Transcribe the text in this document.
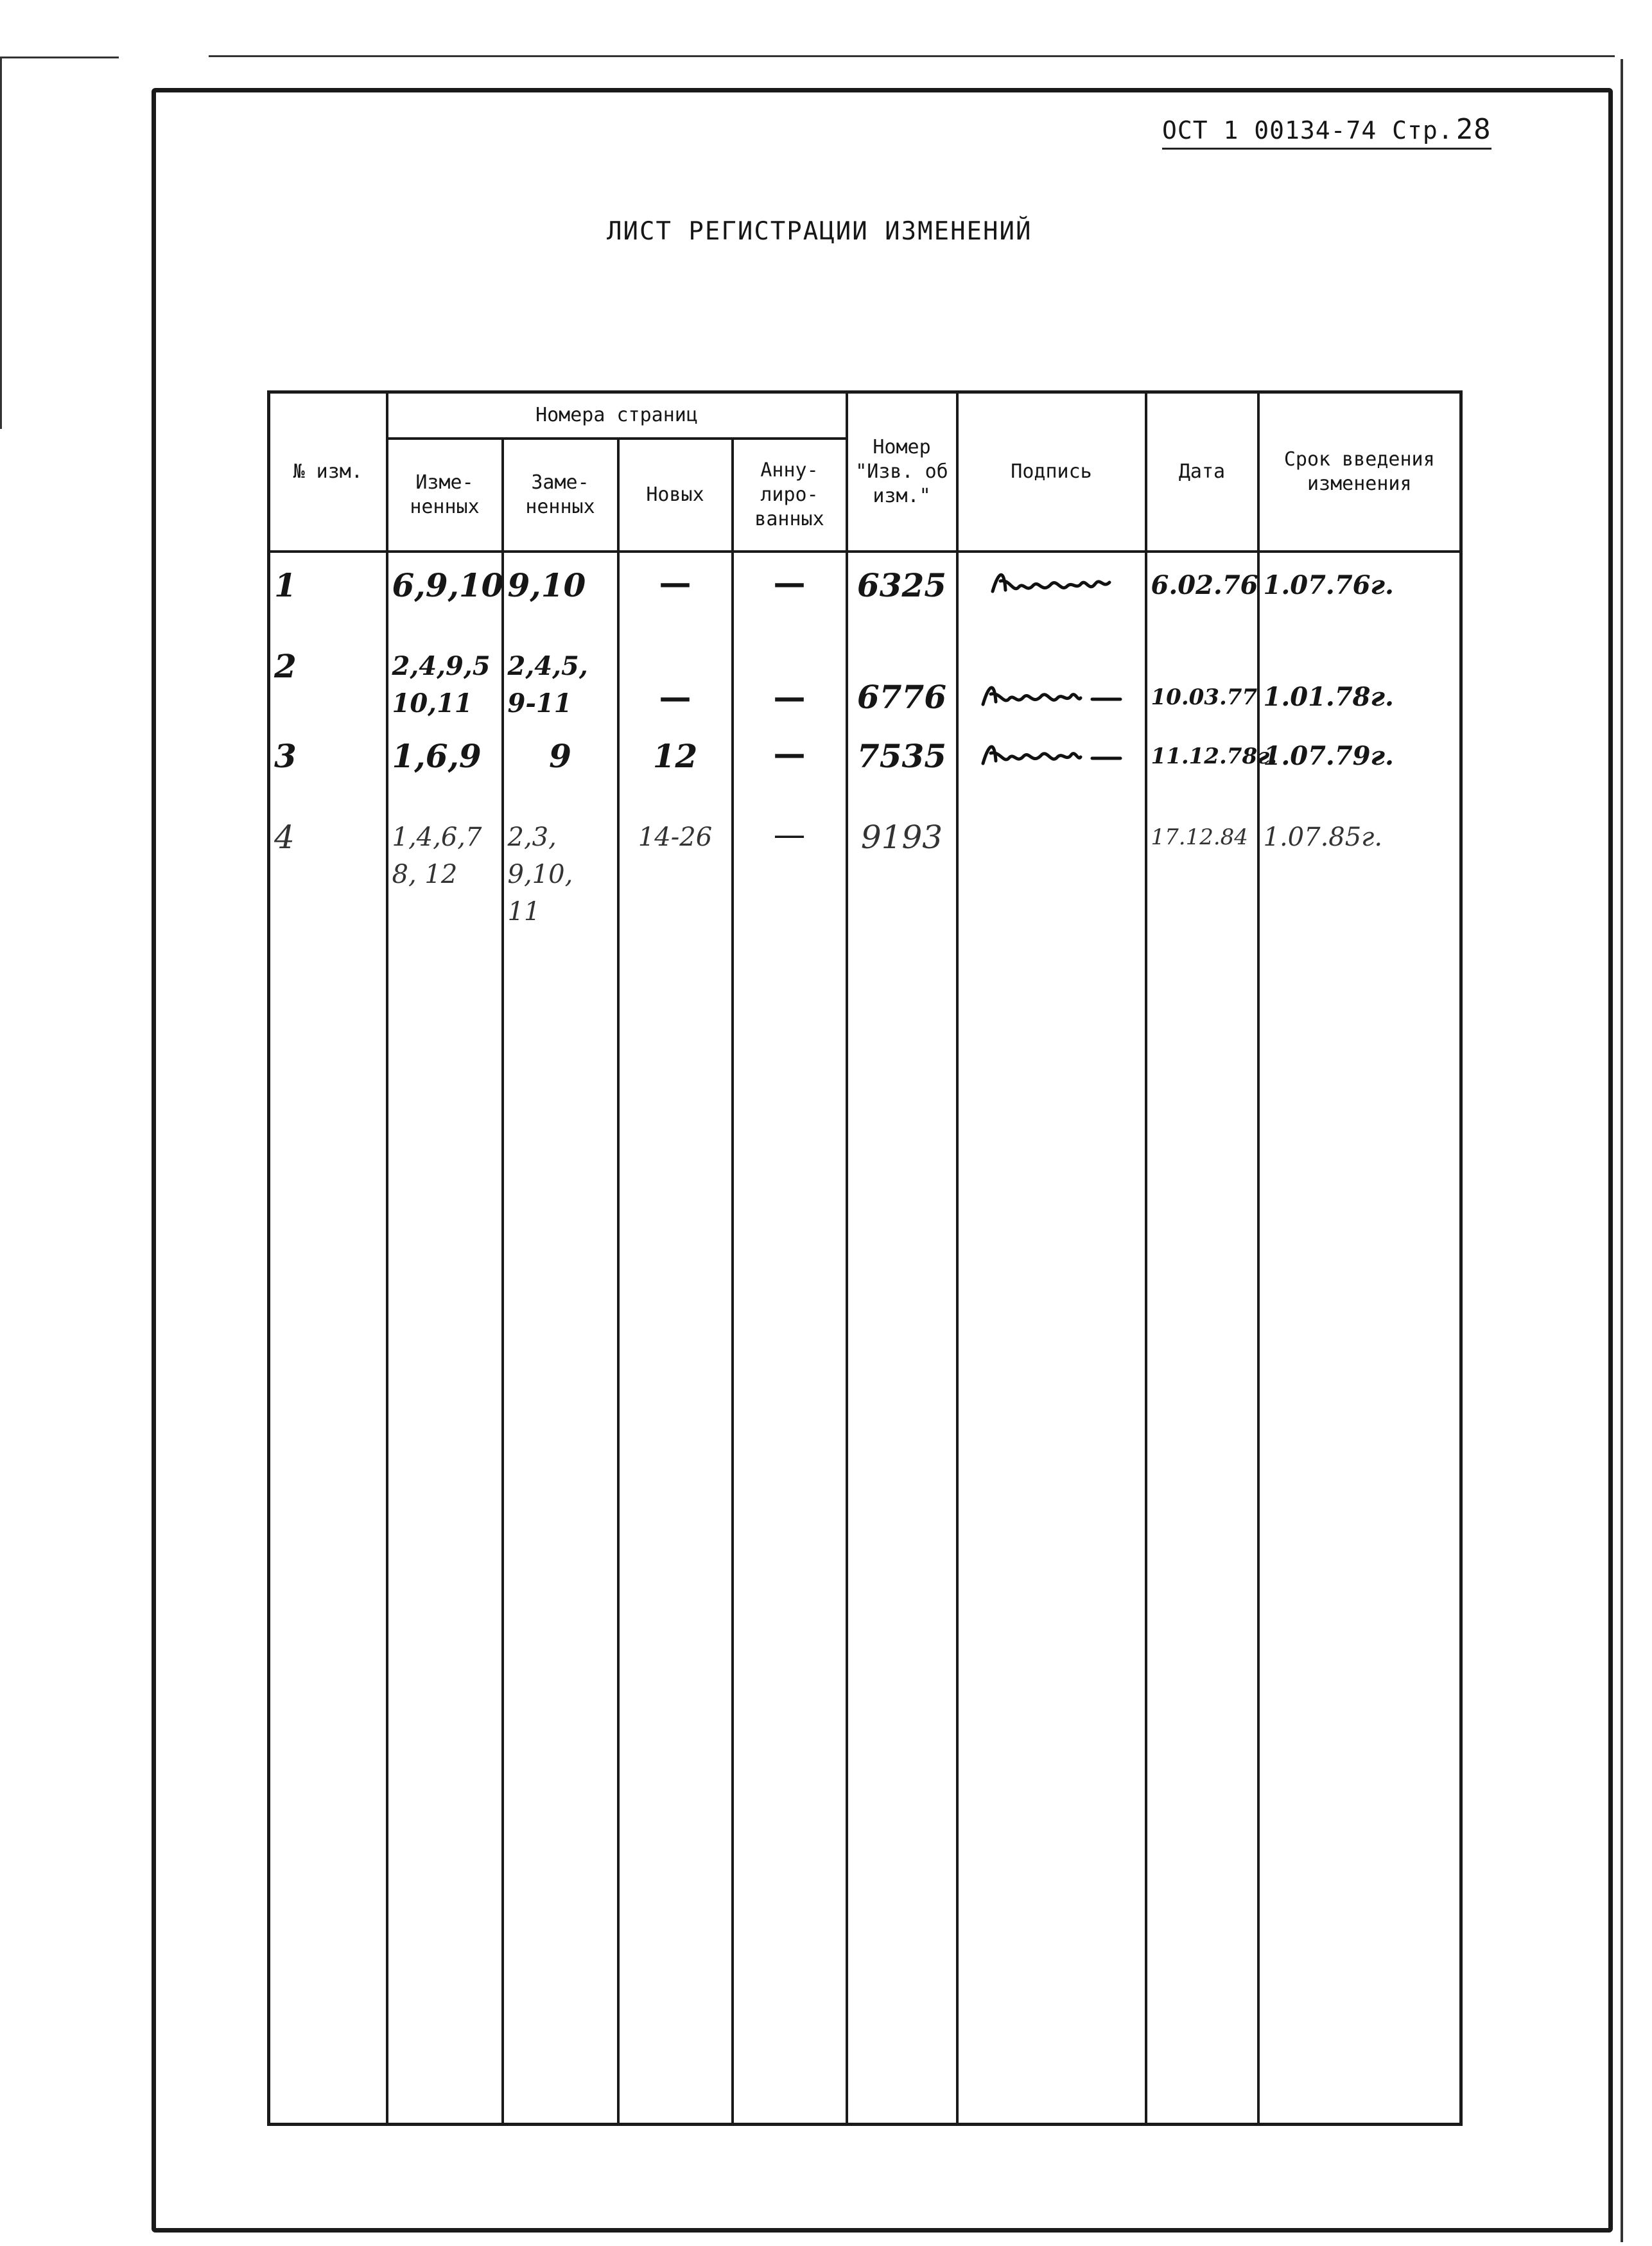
ОСТ 1 00134-74 Стр.28
ЛИСТ РЕГИСТРАЦИИ ИЗМЕНЕНИЙ
№ изм.	Номера страниц				Номер "Изв. об изм."	Подпись	Дата	Срок введения изменения
	Изме- ненных	Заме- ненных	Новых	Анну- лиро- ванных				

1	6,9,10	9,10	—	—	6325		6.02.76	1.07.76г.

2	2,4,9,5 10,11	2,4,5, 9-11	—	—	6776		10.03.77	1.01.78г.

3	1,6,9	9	12	—	7535		11.12.78г.	1.07.79г.

4	1,4,6,7 8, 12	2,3, 9,10, 11	14-26	—	9193		17.12.84	1.07.85г.
